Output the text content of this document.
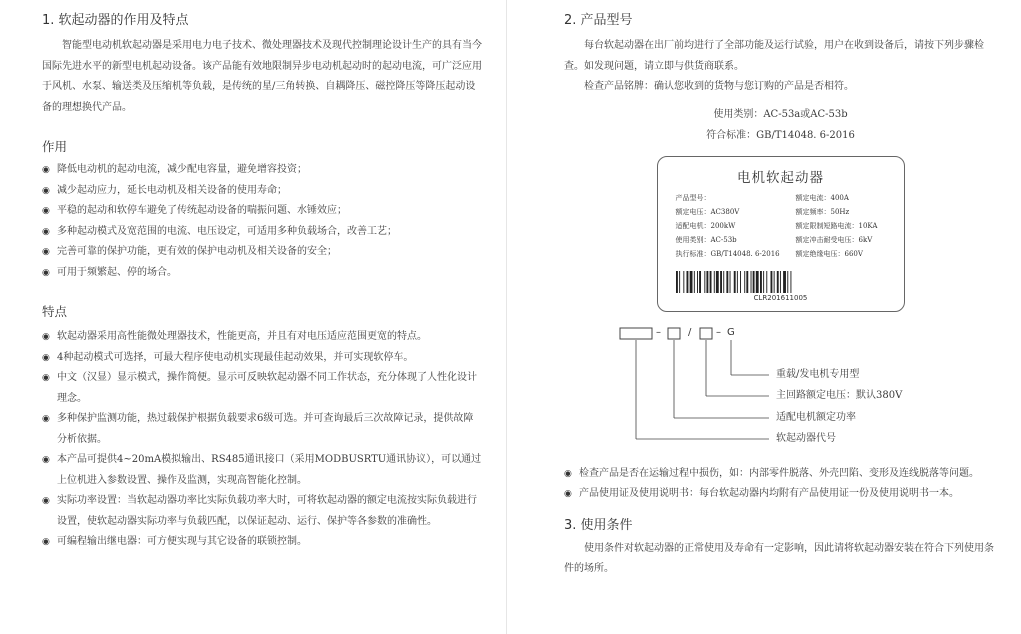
1. 软起动器的作用及特点

智能型电动机软起动器是采用电力电子技术、微处理器技术及现代控制理论设计生产的具有当今国际先进水平的新型电机起动设备。该产品能有效地限制异步电动机起动时的起动电流，可广泛应用于风机、水泵、输送类及压缩机等负载，是传统的星/三角转换、自耦降压、磁控降压等降压起动设备的理想换代产品。

作用
◉ 降低电动机的起动电流，减少配电容量，避免增容投资；
◉ 减少起动应力，延长电动机及相关设备的使用寿命；
◉ 平稳的起动和软停车避免了传统起动设备的喘振问题、水锤效应；
◉ 多种起动模式及宽范围的电流、电压设定，可适用多种负载场合，改善工艺；
◉ 完善可靠的保护功能，更有效的保护电动机及相关设备的安全；
◉ 可用于频繁起、停的场合。
特点
◉ 软起动器采用高性能微处理器技术，性能更高，并且有对电压适应范围更宽的特点。
◉ 4种起动模式可选择，可最大程序使电动机实现最佳起动效果，并可实现软停车。
◉ 中文（汉显）显示模式，操作简便。显示可反映软起动器不同工作状态，充分体现了人性化设计理念。
◉ 多种保护监测功能，热过载保护根据负载要求6级可选。并可查询最后三次故障记录，提供故障分析依据。
◉ 本产品可提供4~20mA模拟输出、RS485通讯接口（采用MODBUSRTU通讯协议），可以通过上位机进入参数设置、操作及监测，实现高智能化控制。
◉ 实际功率设置：当软起动器功率比实际负载功率大时，可将软起动器的额定电流按实际负载进行设置，使软起动器实际功率与负载匹配，以保证起动、运行、保护等各参数的准确性。
◉ 可编程输出继电器：可方便实现与其它设备的联锁控制。
2. 产品型号

每台软起动器在出厂前均进行了全部功能及运行试验，用户在收到设备后，请按下列步骤检查。如发现问题，请立即与供货商联系。

检查产品铭牌：确认您收到的货物与您订购的产品是否相符。

使用类别：AC-53a或AC-53b
符合标准：GB/T14048. 6-2016
电机软起动器
产品型号：	额定电流：400A
额定电压：AC380V	额定频率：50Hz
适配电机：200kW	额定限制短路电流：10KA
使用类别：AC-53b	额定冲击耐受电压：6kV
执行标准：GB/T14048. 6-2016	额定绝缘电压：660V
CLR201611005
–	/ – G
重载/发电机专用型
主回路额定电压：默认380V
适配电机额定功率
软起动器代号
◉ 检查产品是否在运输过程中损伤，如：内部零件脱落、外壳凹陷、变形及连线脱落等问题。
◉ 产品使用证及使用说明书：每台软起动器内均附有产品使用证一份及使用说明书一本。
3. 使用条件

使用条件对软起动器的正常使用及寿命有一定影响，因此请将软起动器安装在符合下列使用条件的场所。
